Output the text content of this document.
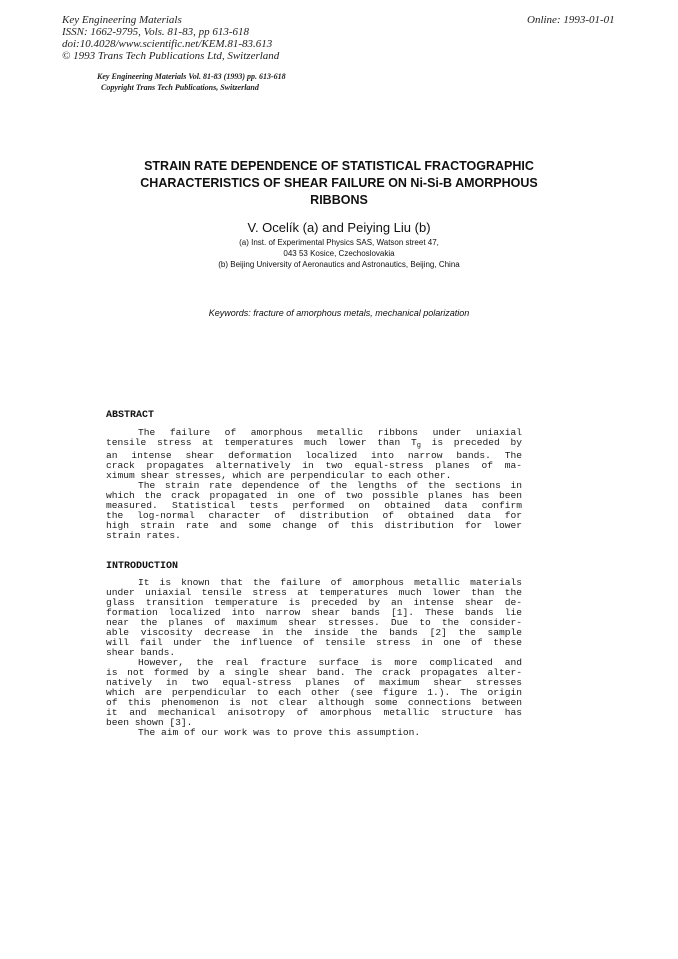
Key Engineering Materials
ISSN: 1662-9795, Vols. 81-83, pp 613-618
doi:10.4028/www.scientific.net/KEM.81-83.613
© 1993 Trans Tech Publications Ltd, Switzerland
Online: 1993-01-01
Key Engineering Materials Vol. 81-83 (1993) pp. 613-618
Copyright Trans Tech Publications, Switzerland
STRAIN RATE DEPENDENCE OF STATISTICAL FRACTOGRAPHIC
CHARACTERISTICS OF SHEAR FAILURE ON Ni-Si-B AMORPHOUS
RIBBONS
V. Ocelík (a) and Peiying Liu (b)
(a) Inst. of Experimental Physics SAS, Watson street 47,
043 53 Kosice, Czechoslovakia
(b) Beijing University of Aeronautics and Astronautics, Beijing, China
Keywords: fracture of amorphous metals, mechanical polarization
ABSTRACT
The failure of amorphous metallic ribbons under uniaxial
tensile stress at temperatures much lower than $T_g$ is preceded by
an intense shear deformation localized into narrow bands. The
crack propagates alternatively in two equal-stress planes of ma-
ximum shear stresses, which are perpendicular to each other.
The strain rate dependence of the lengths of the sections in
which the crack propagated in one of two possible planes has been
measured. Statistical tests performed on obtained data confirm
the log-normal character of distribution of obtained data for
high strain rate and some change of this distribution for lower
strain rates.
INTRODUCTION
It is known that the failure of amorphous metallic materials
under uniaxial tensile stress at temperatures much lower than the
glass transition temperature is preceded by an intense shear de-
formation localized into narrow shear bands [1]. These bands lie
near the planes of maximum shear stresses. Due to the consider-
able viscosity decrease in the inside the bands [2] the sample
will fail under the influence of tensile stress in one of these
shear bands.
However, the real fracture surface is more complicated and
is not formed by a single shear band. The crack propagates alter-
natively in two equal-stress planes of maximum shear stresses
which are perpendicular to each other (see figure 1.). The origin
of this phenomenon is not clear although some connections between
it and mechanical anisotropy of amorphous metallic structure has
been shown [3].
The aim of our work was to prove this assumption.
